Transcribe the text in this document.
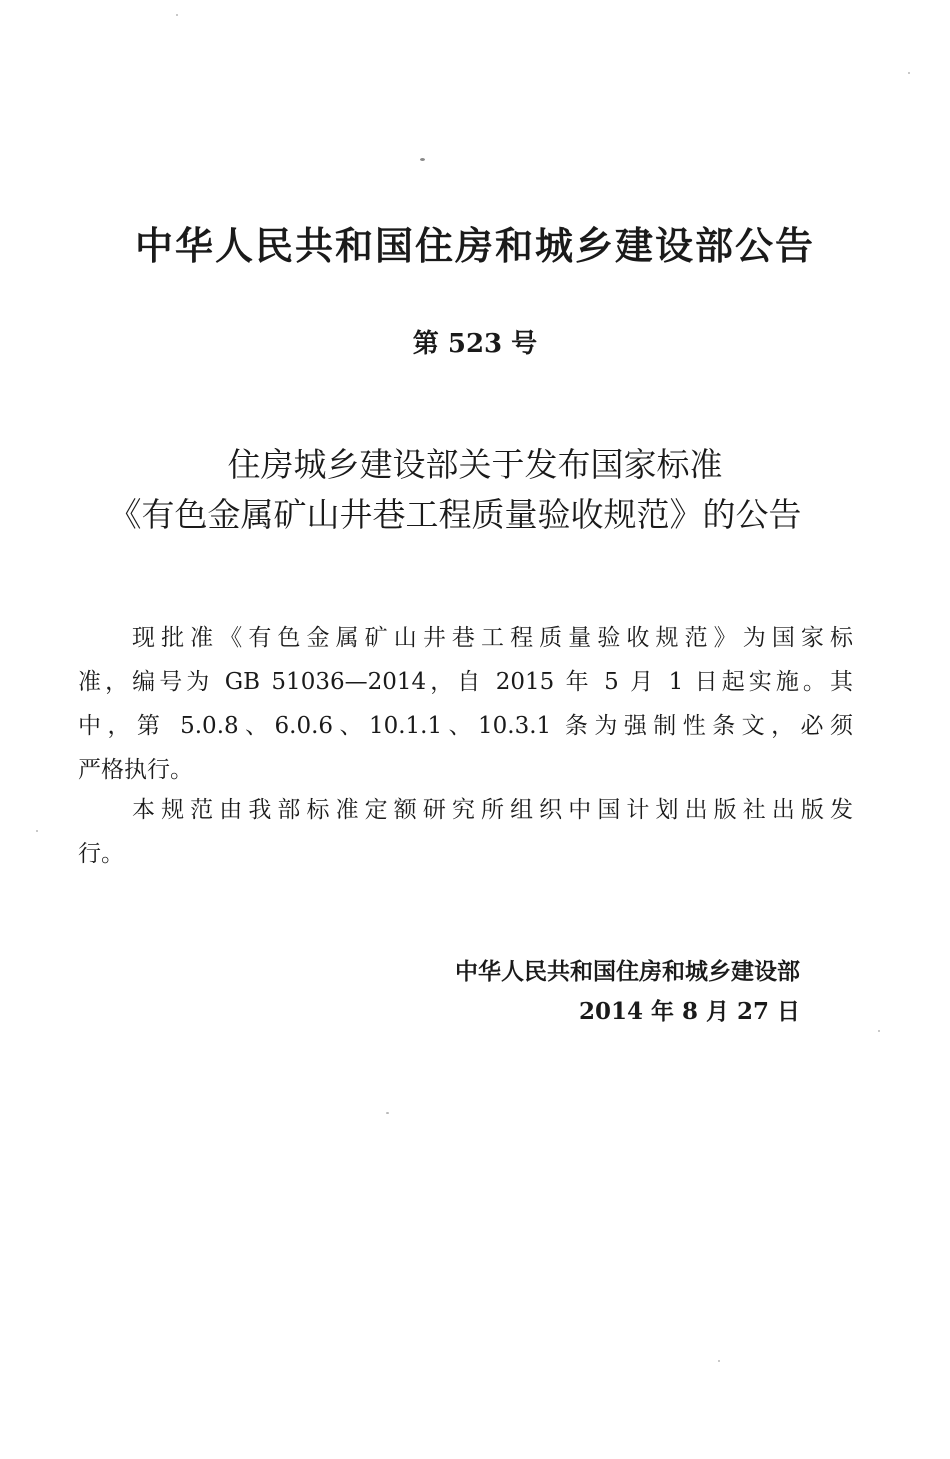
中华人民共和国住房和城乡建设部公告
第 523 号
住房城乡建设部关于发布国家标准
《有色金属矿山井巷工程质量验收规范》的公告
现批准《有色金属矿山井巷工程质量验收规范》为国家标
准，编号为 GB 51036—2014，自 2015 年 5 月 1 日起实施。其
中，第 5.0.8、6.0.6、10.1.1、10.3.1 条为强制性条文，必须
严格执行。
本规范由我部标准定额研究所组织中国计划出版社出版发
行。
中华人民共和国住房和城乡建设部
2014 年 8 月 27 日
